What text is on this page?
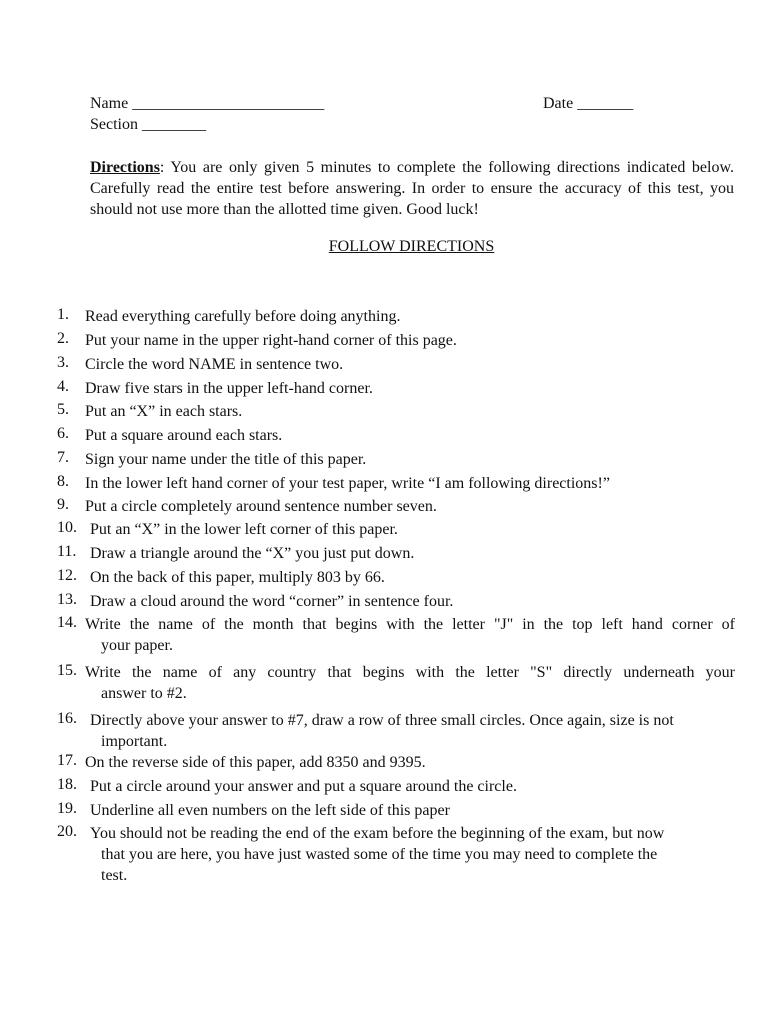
Name ________________________	Date _______
Section ________
Directions: You are only given 5 minutes to complete the following directions indicated below. Carefully read the entire test before answering. In order to ensure the accuracy of this test, you should not use more than the allotted time given. Good luck!
FOLLOW DIRECTIONS
1. Read everything carefully before doing anything.
2. Put your name in the upper right-hand corner of this page.
3. Circle the word NAME in sentence two.
4. Draw five stars in the upper left-hand corner.
5. Put an “X” in each stars.
6. Put a square around each stars.
7. Sign your name under the title of this paper.
8. In the lower left hand corner of your test paper, write “I am following directions!”
9. Put a circle completely around sentence number seven.
10. Put an “X” in the lower left corner of this paper.
11. Draw a triangle around the “X” you just put down.
12. On the back of this paper, multiply 803 by 66.
13. Draw a cloud around the word “corner” in sentence four.
14. Write the name of the month that begins with the letter "J" in the top left hand corner of
your paper.
15. Write the name of any country that begins with the letter "S" directly underneath your
answer to #2.
16. Directly above your answer to #7, draw a row of three small circles. Once again, size is not
important.
17. On the reverse side of this paper, add 8350 and 9395.
18. Put a circle around your answer and put a square around the circle.
19. Underline all even numbers on the left side of this paper
20. You should not be reading the end of the exam before the beginning of the exam, but now
that you are here, you have just wasted some of the time you may need to complete the
test.
